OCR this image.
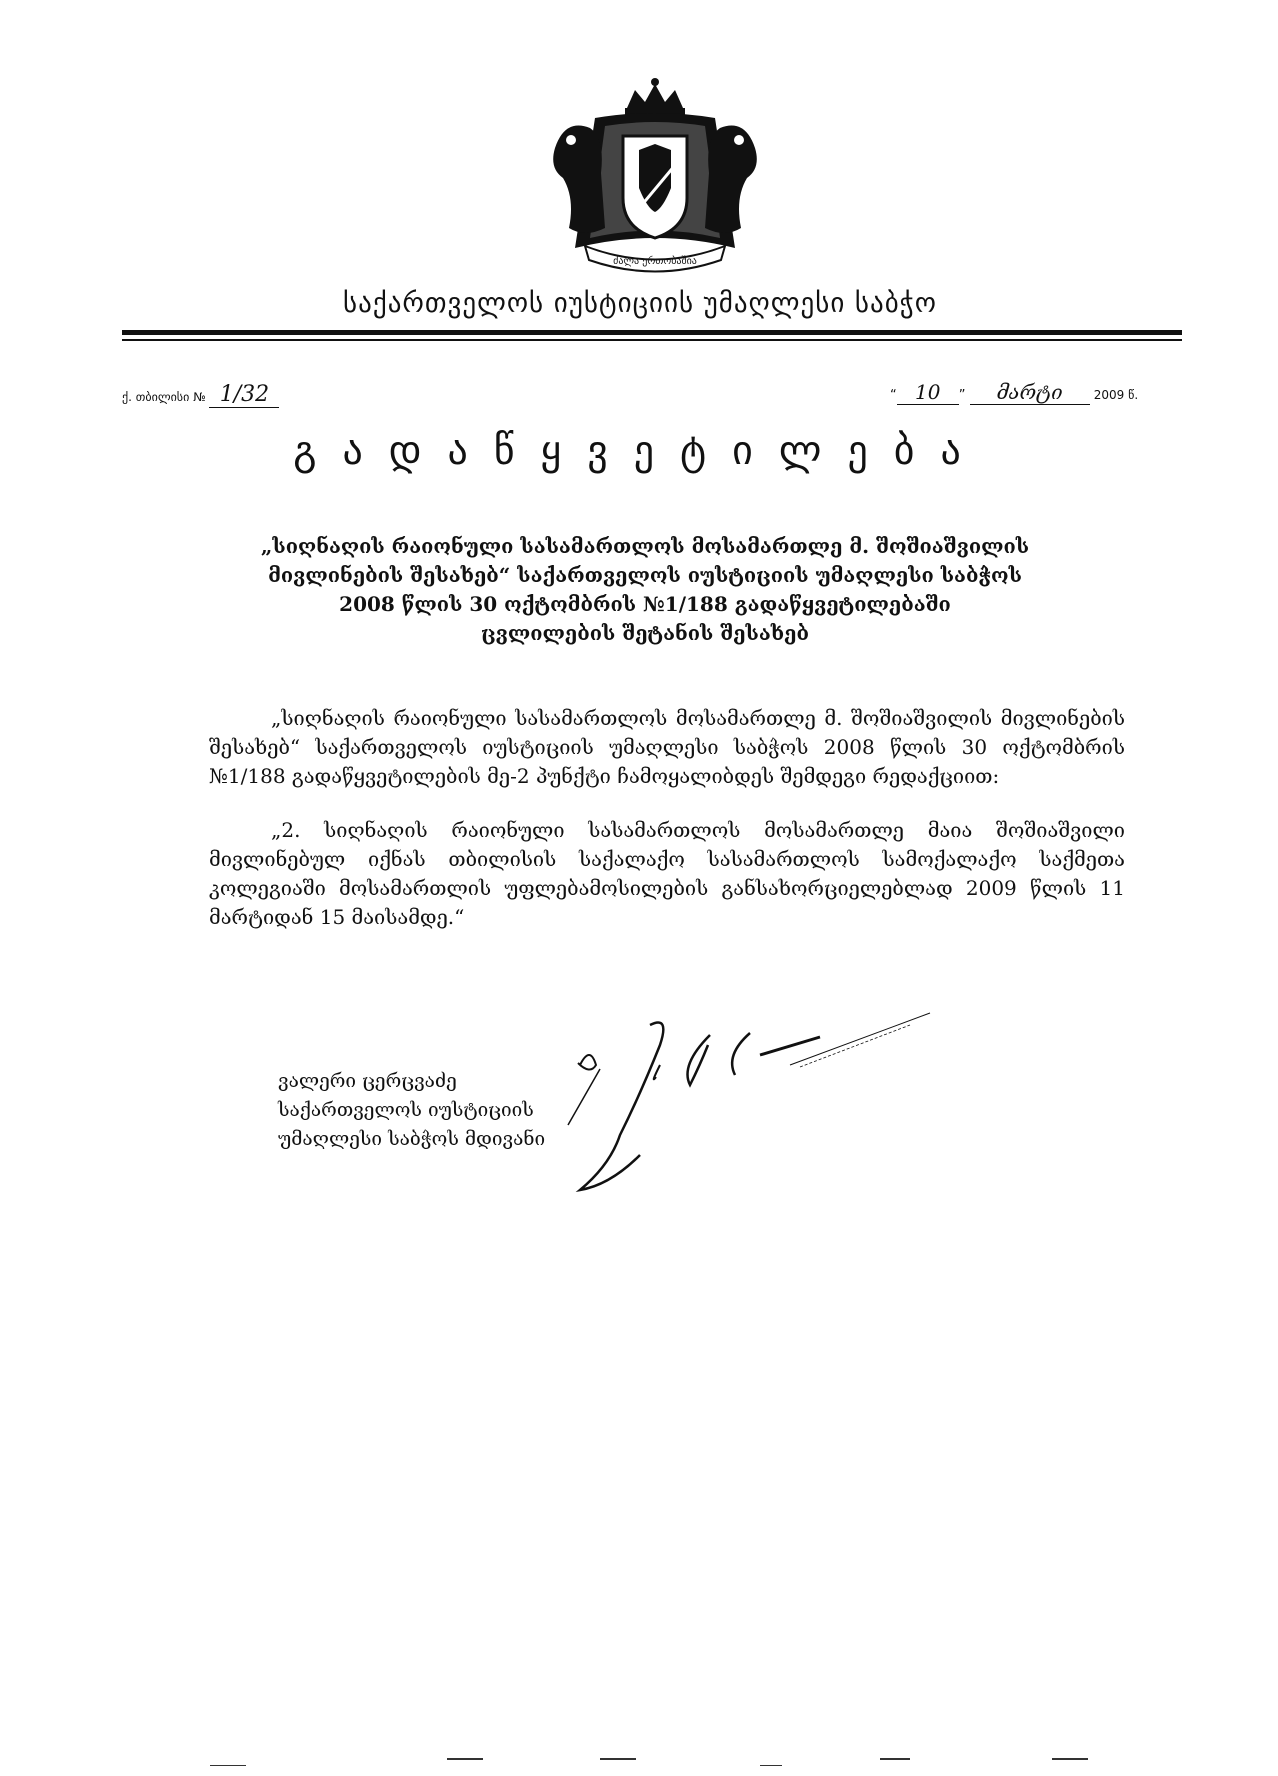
ძალა ერთობაშია
საქართველოს იუსტიციის უმაღლესი საბჭო
ქ. თბილისი № 1/32	“ 10 ” მარტი	2009 წ.
გადაწყვეტილება
„სიღნაღის რაიონული სასამართლოს მოსამართლე მ. შოშიაშვილის
მივლინების შესახებ“ საქართველოს იუსტიციის უმაღლესი საბჭოს
2008 წლის 30 ოქტომბრის №1/188 გადაწყვეტილებაში
ცვლილების შეტანის შესახებ
„სიღნაღის რაიონული სასამართლოს მოსამართლე მ. შოშიაშვილის მივლინების შესახებ“ საქართველოს იუსტიციის უმაღლესი საბჭოს 2008 წლის 30 ოქტომბრის №1/188 გადაწყვეტილების მე-2 პუნქტი ჩამოყალიბდეს შემდეგი რედაქციით:
„2. სიღნაღის რაიონული სასამართლოს მოსამართლე მაია შოშიაშვილი მივლინებულ იქნას თბილისის საქალაქო სასამართლოს სამოქალაქო საქმეთა კოლეგიაში მოსამართლის უფლებამოსილების განსახორციელებლად 2009 წლის 11 მარტიდან 15 მაისამდე.“
ვალერი ცერცვაძე
საქართველოს იუსტიციის
უმაღლესი საბჭოს მდივანი
